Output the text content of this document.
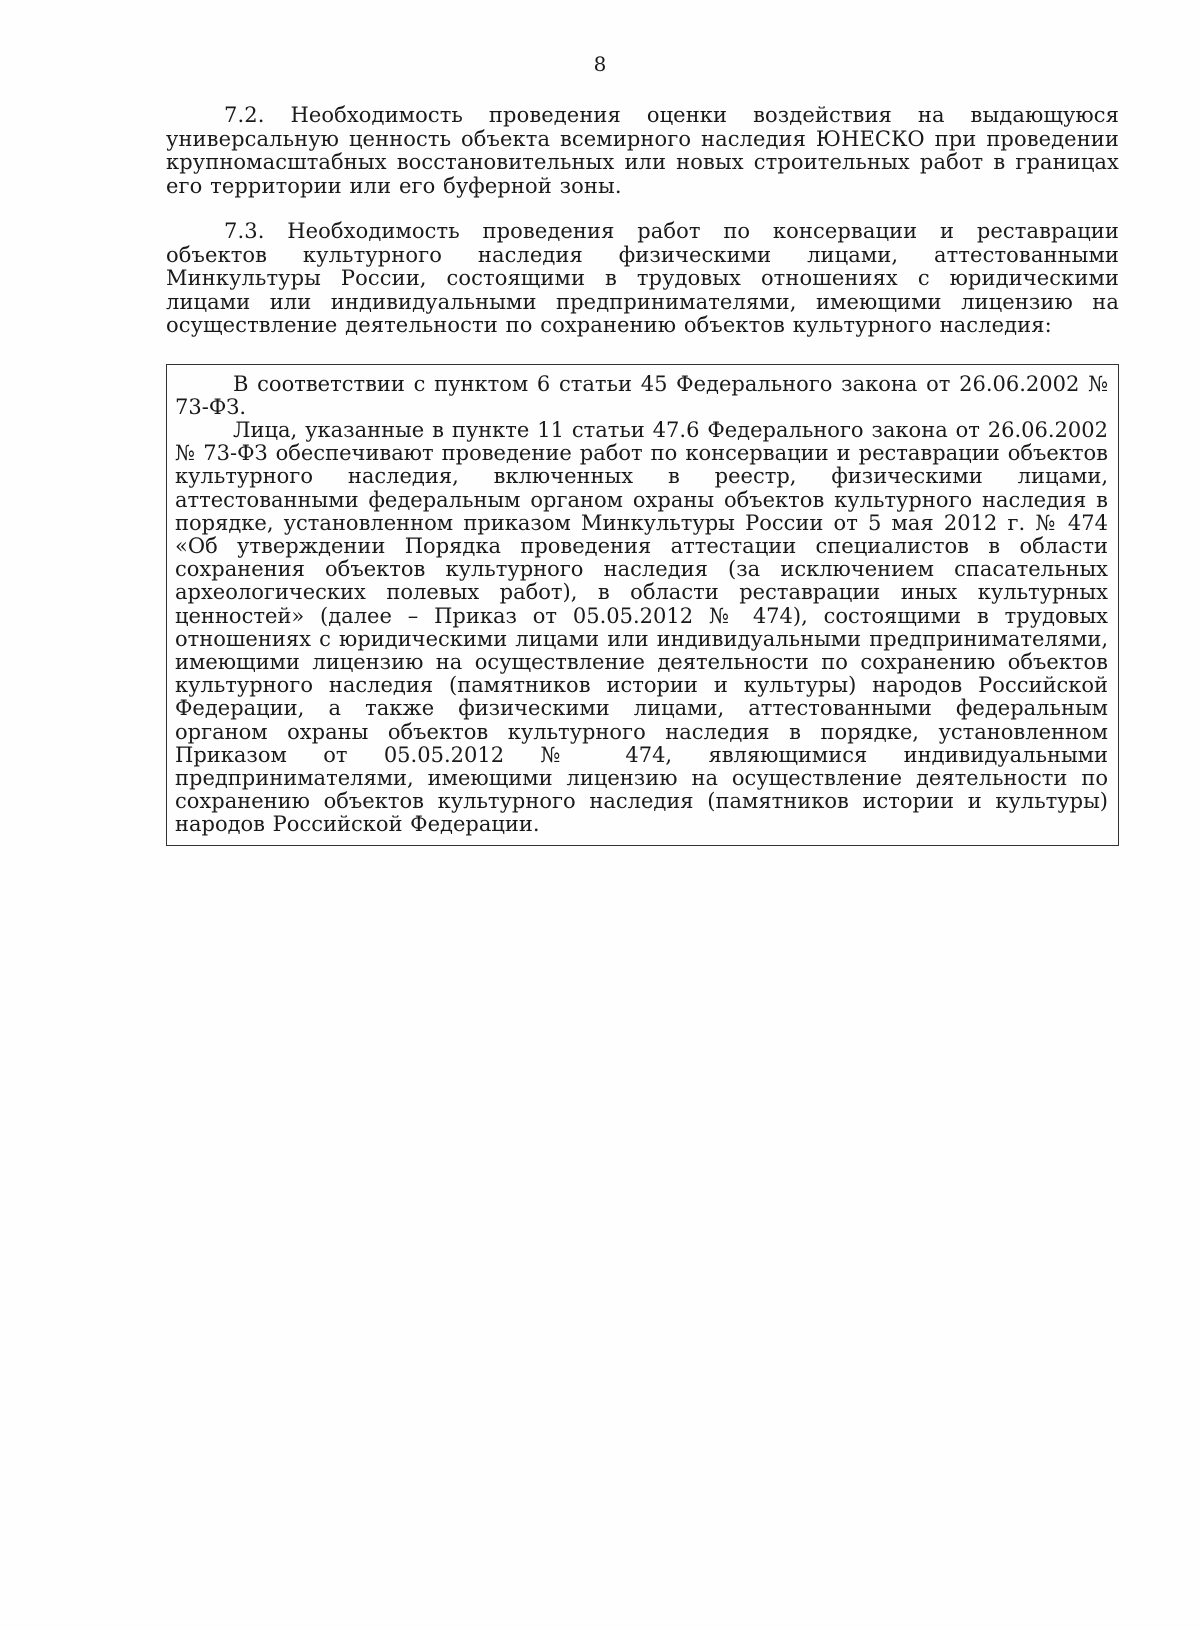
8

7.2. Необходимость проведения оценки воздействия на выдающуюся универсальную ценность объекта всемирного наследия ЮНЕСКО при проведении крупномасштабных восстановительных или новых строительных работ в границах его территории или его буферной зоны.

7.3. Необходимость проведения работ по консервации и реставрации объектов культурного наследия физическими лицами, аттестованными Минкультуры России, состоящими в трудовых отношениях с юридическими лицами или индивидуальными предпринимателями, имеющими лицензию на осуществление деятельности по сохранению объектов культурного наследия:

В соответствии с пунктом 6 статьи 45 Федерального закона от 26.06.2002 № 73-ФЗ.

Лица, указанные в пункте 11 статьи 47.6 Федерального закона от 26.06.2002 № 73-ФЗ обеспечивают проведение работ по консервации и реставрации объектов культурного наследия, включенных в реестр, физическими лицами, аттестованными федеральным органом охраны объектов культурного наследия в порядке, установленном приказом Минкультуры России от 5 мая 2012 г. № 474 «Об утверждении Порядка проведения аттестации специалистов в области сохранения объектов культурного наследия (за исключением спасательных археологических полевых работ), в области реставрации иных культурных ценностей» (далее – Приказ от 05.05.2012 № 474), состоящими в трудовых отношениях с юридическими лицами или индивидуальными предпринимателями, имеющими лицензию на осуществление деятельности по сохранению объектов культурного наследия (памятников истории и культуры) народов Российской Федерации, а также физическими лицами, аттестованными федеральным органом охраны объектов культурного наследия в порядке, установленном Приказом от 05.05.2012 № 474, являющимися индивидуальными предпринимателями, имеющими лицензию на осуществление деятельности по сохранению объектов культурного наследия (памятников истории и культуры) народов Российской Федерации.
